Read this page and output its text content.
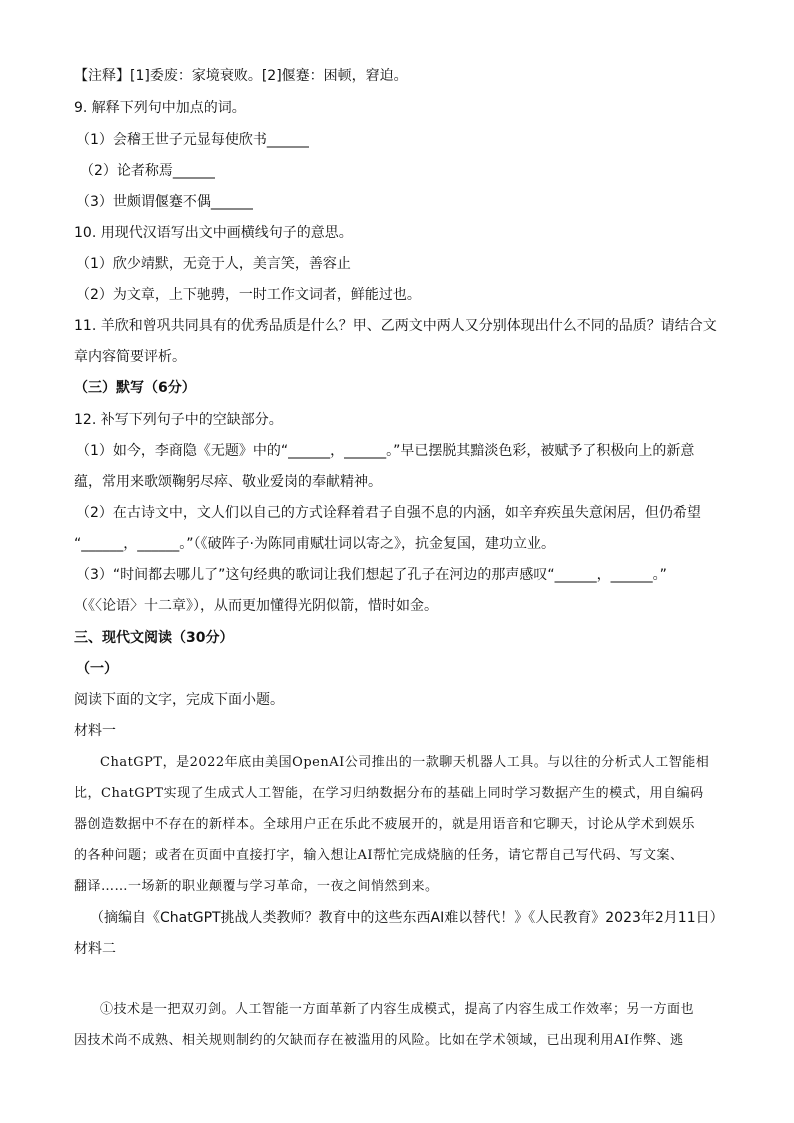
【注释】[1]委废：家境衰败。[2]偃蹇：困顿，窘迫。
9. 解释下列句中加点的词。
（1）会稽王世子元显每使欣书______
（2）论者称焉______
（3）世颇谓偃蹇不偶______
10. 用现代汉语写出文中画横线句子的意思。
（1）欣少靖默，无竞于人，美言笑，善容止
（2）为文章，上下驰骋，一时工作文词者，鲜能过也。
11. 羊欣和曾巩共同具有的优秀品质是什么？甲、乙两文中两人又分别体现出什么不同的品质？请结合文
章内容简要评析。
（三）默写（6分）
12. 补写下列句子中的空缺部分。
（1）如今，李商隐《无题》中的“______，______。”早已摆脱其黯淡色彩，被赋予了积极向上的新意
蕴，常用来歌颂鞠躬尽瘁、敬业爱岗的奉献精神。
（2）在古诗文中，文人们以自己的方式诠释着君子自强不息的内涵，如辛弃疾虽失意闲居，但仍希望
“______，______。”（《破阵子·为陈同甫赋壮词以寄之》，抗金复国，建功立业。
（3）“时间都去哪儿了”这句经典的歌词让我们想起了孔子在河边的那声感叹“______，______。”
（《〈论语〉十二章》），从而更加懂得光阴似箭，惜时如金。
三、现代文阅读（30分）
（一）
阅读下面的文字，完成下面小题。
材料一
ChatGPT，是2022年底由美国OpenAI公司推出的一款聊天机器人工具。与以往的分析式人工智能相
比，ChatGPT实现了生成式人工智能，在学习归纳数据分布的基础上同时学习数据产生的模式，用自编码
器创造数据中不存在的新样本。全球用户正在乐此不疲展开的，就是用语音和它聊天，讨论从学术到娱乐
的各种问题；或者在页面中直接打字，输入想让AI帮忙完成烧脑的任务，请它帮自己写代码、写文案、
翻译……一场新的职业颠覆与学习革命，一夜之间悄然到来。
（摘编自《ChatGPT挑战人类教师？教育中的这些东西AI难以替代！》《人民教育》2023年2月11日）
材料二
①技术是一把双刃剑。人工智能一方面革新了内容生成模式，提高了内容生成工作效率；另一方面也
因技术尚不成熟、相关规则制约的欠缺而存在被滥用的风险。比如在学术领域，已出现利用AI作弊、逃
